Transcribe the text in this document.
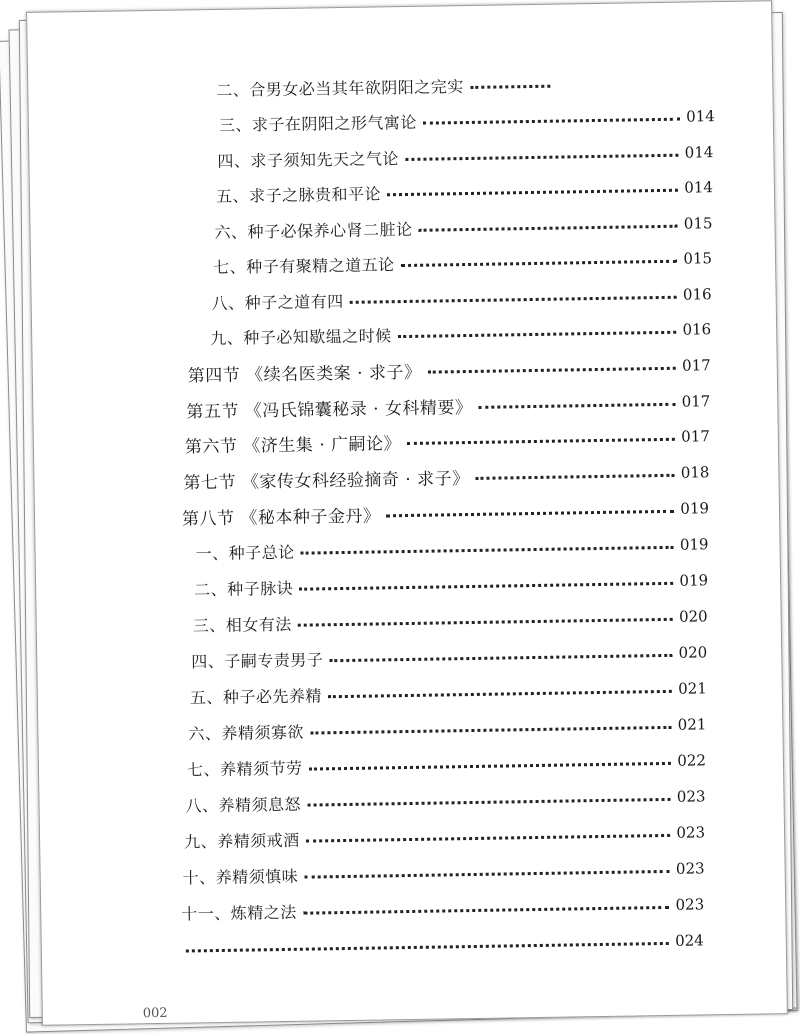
二、合男女必当其年欲阴阳之完实
三、求子在阴阳之形气寓论	014
四、求子须知先天之气论	014
五、求子之脉贵和平论	014
六、种子必保养心肾二脏论	015
七、种子有聚精之道五论	015
八、种子之道有四	016
九、种子必知歇缊之时候	016
第四节 《续名医类案 · 求子》	017
第五节 《冯氏锦囊秘录 · 女科精要》	017
第六节 《济生集 · 广嗣论》	017
第七节 《家传女科经验摘奇 · 求子》	018
第八节 《秘本种子金丹》	019
一、种子总论	019
二、种子脉诀	019
三、相女有法	020
四、子嗣专责男子	020
五、种子必先养精	021
六、养精须寡欲	021
七、养精须节劳	022
八、养精须息怒	023
九、养精须戒酒	023
十、养精须慎味	023
十一、炼精之法	023
024
002
